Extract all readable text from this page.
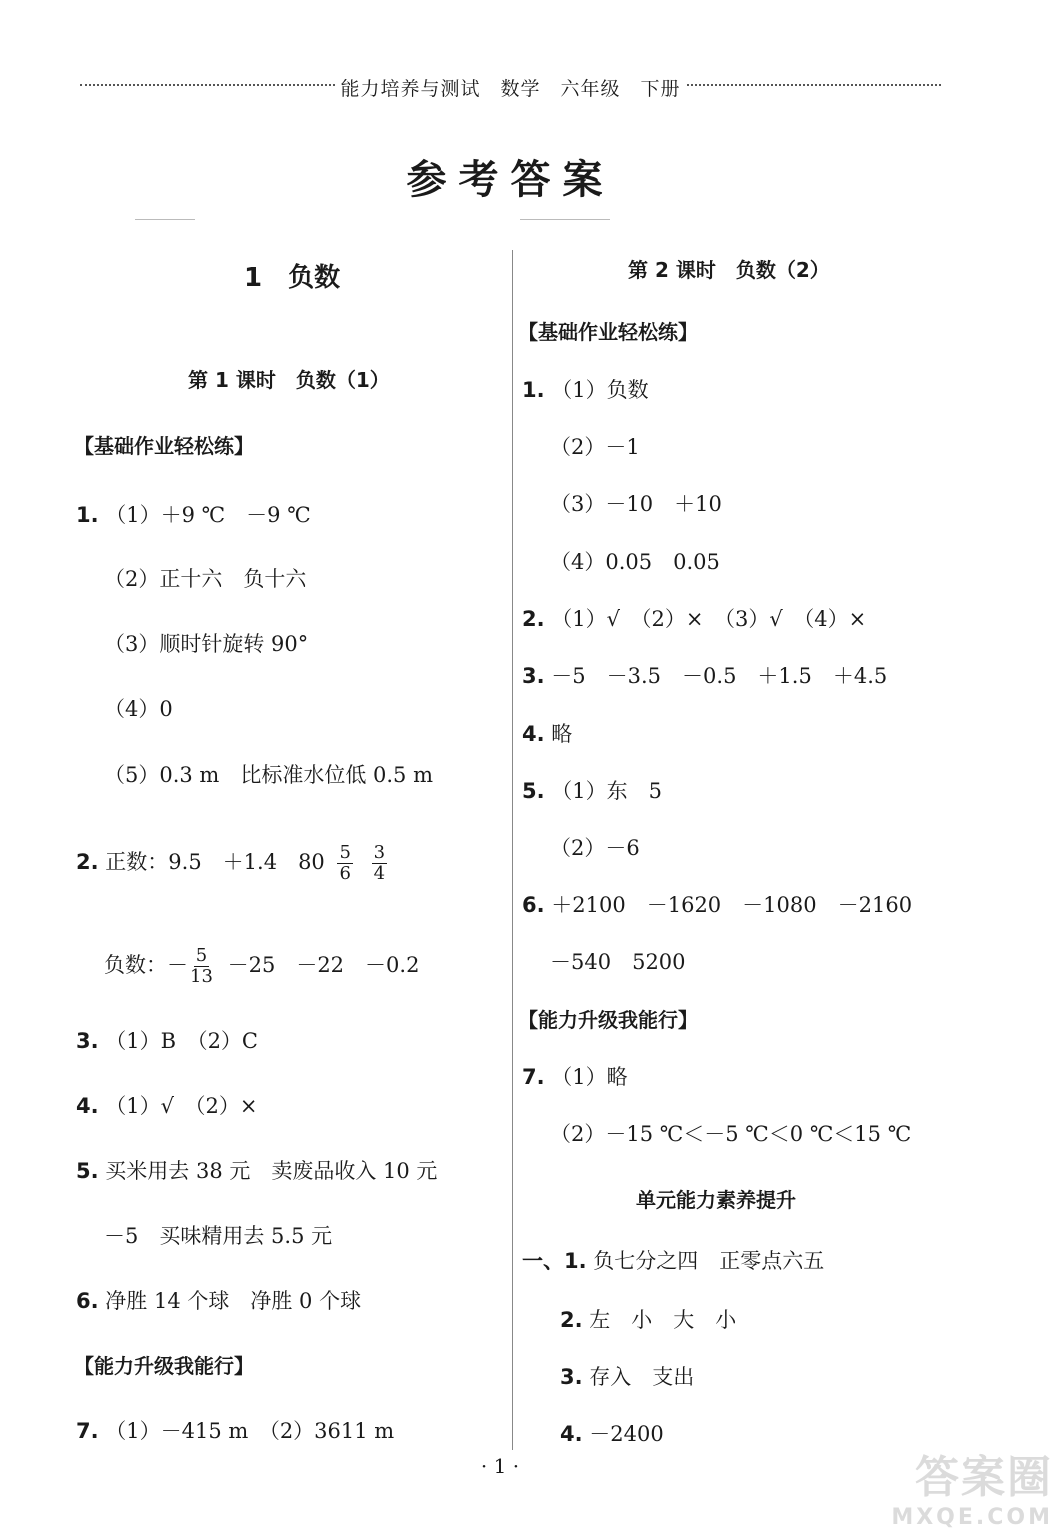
能力培养与测试　数学　六年级　下册
参考答案
1　负数
第 1 课时　负数（1）
【基础作业轻松练】
1. （1）＋9 ℃　－9 ℃
（2）正十六　负十六
（3）顺时针旋转 90°
（4）0
（5）0.3 m　比标准水位低 0.5 m
2. 正数：9.5　＋1.4　$80 \frac{5}{6}$
$\frac{3}{4}$
负数：－ $\frac{5}{13} -25$　－22　－0.2
3. （1）B　（2）C
4. （1）√　（2）×
5. 买米用去 38 元　卖废品收入 10 元
－5　买味精用去 5.5 元
6. 净胜 14 个球　净胜 0 个球
【能力升级我能行】
7. （1）－415 m　（2）3611 m
第 2 课时　负数（2）
【基础作业轻松练】
1. （1）负数
（2）－1
（3）－10　＋10
（4）0.05　0.05
2. （1）√　（2）×　（3）√　（4）×
3. －5　－3.5　－0.5　＋1.5　＋4.5
4. 略
5. （1）东　5
（2）－6
6. ＋2100　－1620　－1080　－2160
－540　5200
【能力升级我能行】
7. （1）略
（2）－15 ℃＜－5 ℃＜0 ℃＜15 ℃
单元能力素养提升
一、1. 负七分之四　正零点六五
2. 左　小　大　小
3. 存入　支出
4. －2400
· 1 ·	答案圈
MXQE.COM
